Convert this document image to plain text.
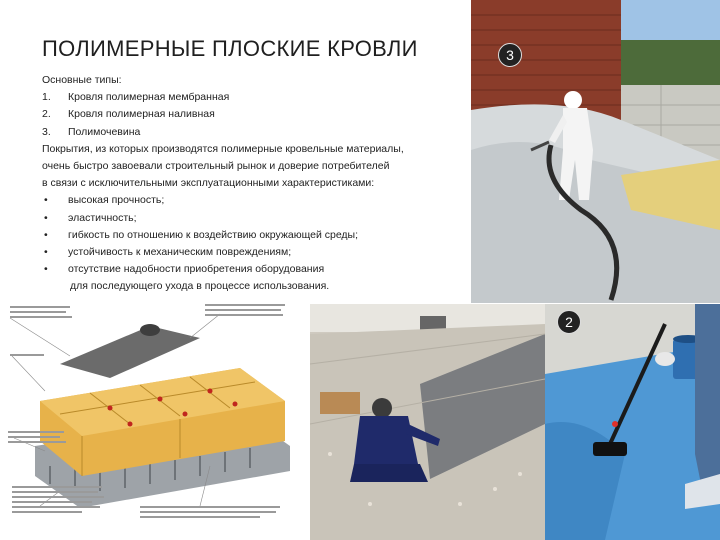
ПОЛИМЕРНЫЕ ПЛОСКИЕ КРОВЛИ

Основные типы:

1. Кровля полимерная мембранная

2. Кровля полимерная наливная

3. Полимочевина

Покрытия, из которых производятся полимерные кровельные материалы,

очень быстро завоевали строительный рынок и доверие потребителей

в связи с исключительными эксплуатационными характеристиками:

• высокая прочность;

• эластичность;

• гибкость по отношению к воздействию окружающей среды;

• устойчивость к механическим повреждениям;

• отсутствие надобности приобретения оборудования

для последующего ухода в процессе использования.

3
2
